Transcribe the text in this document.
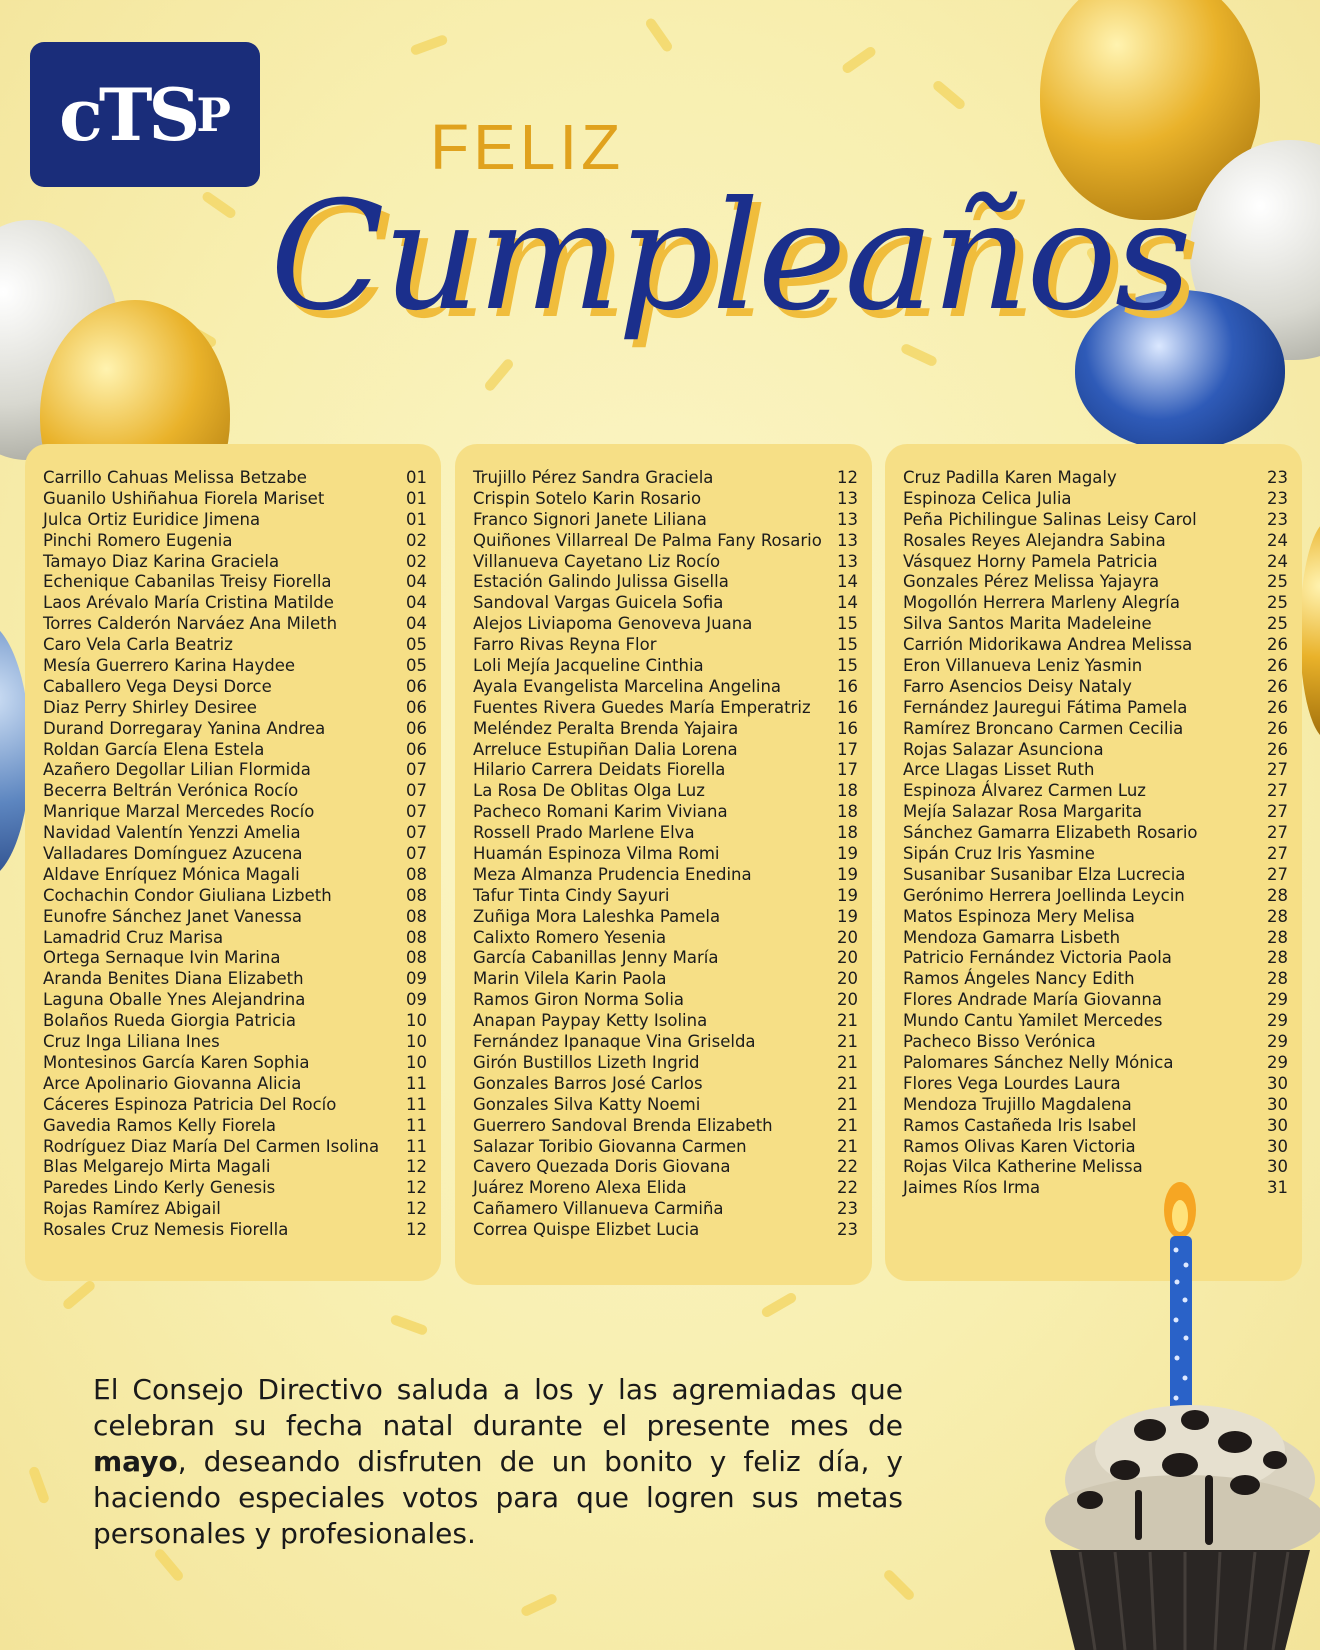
cTS P	FELIZ
Cumpleaños
Carrillo Cahuas Melissa Betzabe	01
Guanilo Ushiñahua Fiorela Mariset	01
Julca Ortiz Euridice Jimena	01
Pinchi Romero Eugenia	02
Tamayo Diaz Karina Graciela	02
Echenique Cabanilas Treisy Fiorella	04
Laos Arévalo María Cristina Matilde	04
Torres Calderón Narváez Ana Mileth	04
Caro Vela Carla Beatriz	05
Mesía Guerrero Karina Haydee	05
Caballero Vega Deysi Dorce	06
Diaz Perry Shirley Desiree	06
Durand Dorregaray Yanina Andrea	06
Roldan García Elena Estela	06
Azañero Degollar Lilian Flormida	07
Becerra Beltrán Verónica Rocío	07
Manrique Marzal Mercedes Rocío	07
Navidad Valentín Yenzzi Amelia	07
Valladares Domínguez Azucena	07
Aldave Enríquez Mónica Magali	08
Cochachin Condor Giuliana Lizbeth	08
Eunofre Sánchez Janet Vanessa	08
Lamadrid Cruz Marisa	08
Ortega Sernaque Ivin Marina	08
Aranda Benites Diana Elizabeth	09
Laguna Oballe Ynes Alejandrina	09
Bolaños Rueda Giorgia Patricia	10
Cruz Inga Liliana Ines	10
Montesinos García Karen Sophia	10
Arce Apolinario Giovanna Alicia	11
Cáceres Espinoza Patricia Del Rocío	11
Gavedia Ramos Kelly Fiorela	11
Rodríguez Diaz María Del Carmen Isolina 11
Blas Melgarejo Mirta Magali	12
Paredes Lindo Kerly Genesis	12
Rojas Ramírez Abigail	12
Rosales Cruz Nemesis Fiorella	12
Trujillo Pérez Sandra Graciela	12
Crispin Sotelo Karin Rosario	13
Franco Signori Janete Liliana	13
Quiñones Villarreal De Palma Fany Rosario 13
Villanueva Cayetano Liz Rocío	13
Estación Galindo Julissa Gisella	14
Sandoval Vargas Guicela Sofia	14
Alejos Liviapoma Genoveva Juana	15
Farro Rivas Reyna Flor	15
Loli Mejía Jacqueline Cinthia	15
Ayala Evangelista Marcelina Angelina	16
Fuentes Rivera Guedes María Emperatriz 16
Meléndez Peralta Brenda Yajaira	16
Arreluce Estupiñan Dalia Lorena	17
Hilario Carrera Deidats Fiorella	17
La Rosa De Oblitas Olga Luz	18
Pacheco Romani Karim Viviana	18
Rossell Prado Marlene Elva	18
Huamán Espinoza Vilma Romi	19
Meza Almanza Prudencia Enedina	19
Tafur Tinta Cindy Sayuri	19
Zuñiga Mora Laleshka Pamela	19
Calixto Romero Yesenia	20
García Cabanillas Jenny María	20
Marin Vilela Karin Paola	20
Ramos Giron Norma Solia	20
Anapan Paypay Ketty Isolina	21
Fernández Ipanaque Vina Griselda	21
Girón Bustillos Lizeth Ingrid	21
Gonzales Barros José Carlos	21
Gonzales Silva Katty Noemi	21
Guerrero Sandoval Brenda Elizabeth	21
Salazar Toribio Giovanna Carmen	21
Cavero Quezada Doris Giovana	22
Juárez Moreno Alexa Elida	22
Cañamero Villanueva Carmiña	23
Correa Quispe Elizbet Lucia	23
Cruz Padilla Karen Magaly	23
Espinoza Celica Julia	23
Peña Pichilingue Salinas Leisy Carol	23
Rosales Reyes Alejandra Sabina	24
Vásquez Horny Pamela Patricia	24
Gonzales Pérez Melissa Yajayra	25
Mogollón Herrera Marleny Alegría	25
Silva Santos Marita Madeleine	25
Carrión Midorikawa Andrea Melissa	26
Eron Villanueva Leniz Yasmin	26
Farro Asencios Deisy Nataly	26
Fernández Jauregui Fátima Pamela	26
Ramírez Broncano Carmen Cecilia	26
Rojas Salazar Asunciona	26
Arce Llagas Lisset Ruth	27
Espinoza Álvarez Carmen Luz	27
Mejía Salazar Rosa Margarita	27
Sánchez Gamarra Elizabeth Rosario	27
Sipán Cruz Iris Yasmine	27
Susanibar Susanibar Elza Lucrecia	27
Gerónimo Herrera Joellinda Leycin	28
Matos Espinoza Mery Melisa	28
Mendoza Gamarra Lisbeth	28
Patricio Fernández Victoria Paola	28
Ramos Ángeles Nancy Edith	28
Flores Andrade María Giovanna	29
Mundo Cantu Yamilet Mercedes	29
Pacheco Bisso Verónica	29
Palomares Sánchez Nelly Mónica	29
Flores Vega Lourdes Laura	30
Mendoza Trujillo Magdalena	30
Ramos Castañeda Iris Isabel	30
Ramos Olivas Karen Victoria	30
Rojas Vilca Katherine Melissa	30
Jaimes Ríos Irma	31
El Consejo Directivo saluda a los y las agremiadas que celebran su fecha natal durante el presente mes de mayo, deseando disfruten de un bonito y feliz día, y haciendo especiales votos para que logren sus metas personales y profesionales.
